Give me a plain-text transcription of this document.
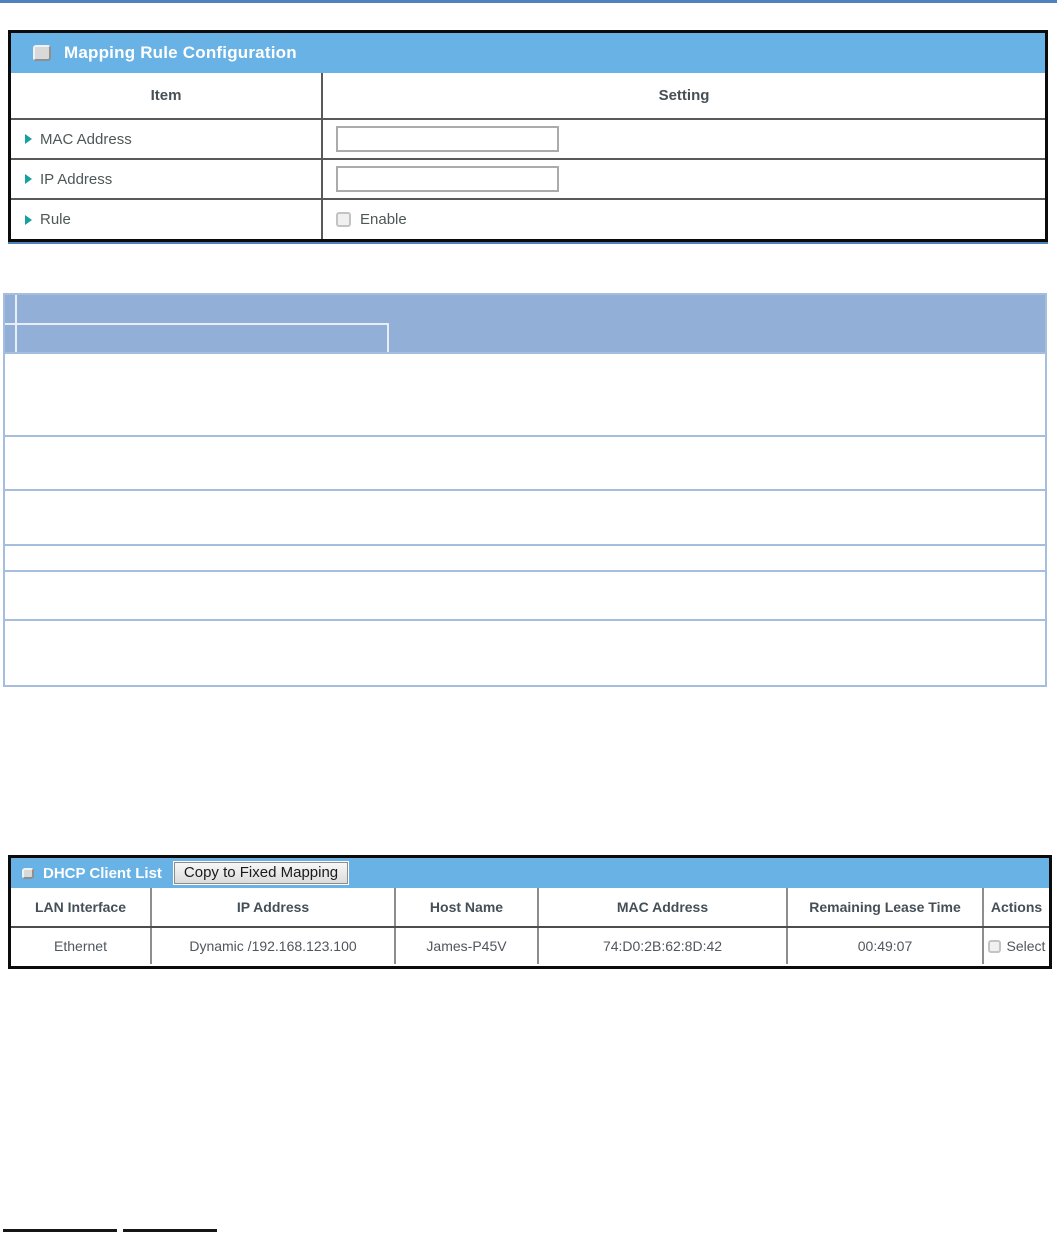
Mapping Rule Configuration
Item	Setting
MAC Address
IP Address
Rule	Enable
DHCP Client List	Copy to Fixed Mapping
LAN Interface	IP Address	Host Name	MAC Address	Remaining Lease Time	Actions
Ethernet	Dynamic /192.168.123.100	James-P45V	74:D0:2B:62:8D:42	00:49:07	Select
